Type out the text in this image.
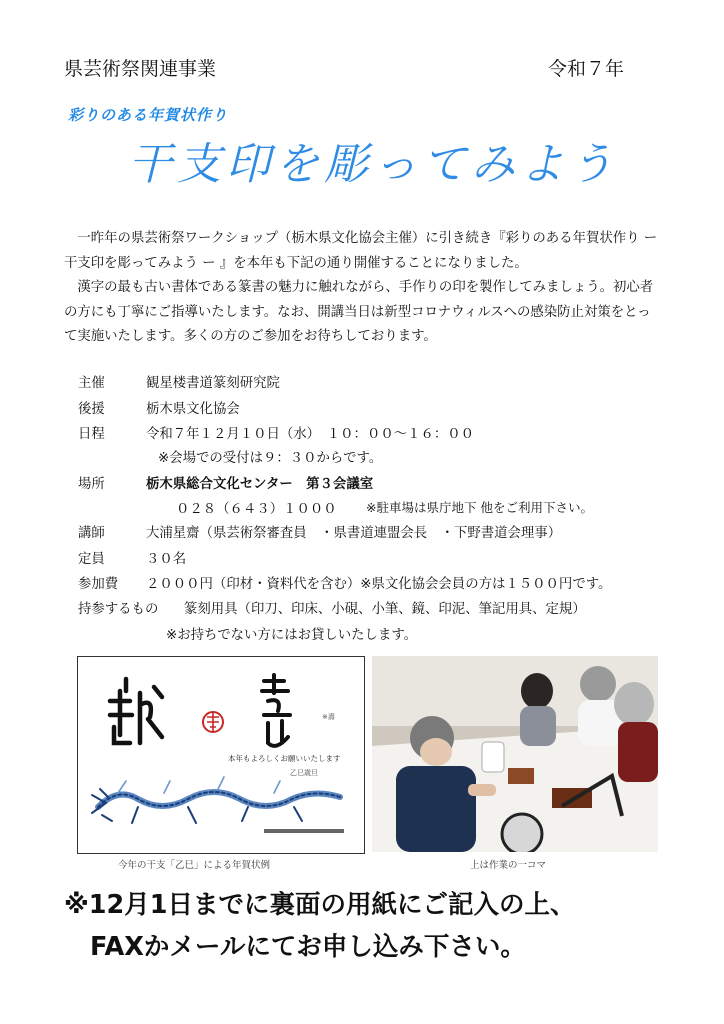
県芸術祭関連事業	令和７年
彩りのある年賀状作り
干支印を彫ってみよう

一昨年の県芸術祭ワークショップ（栃木県文化協会主催）に引き続き『彩りのある年賀状作り ー 干支印を彫ってみよう ー 』を本年も下記の通り開催することになりました。

漢字の最も古い書体である篆書の魅力に触れながら、手作りの印を製作してみましょう。初心者の方にも丁寧にご指導いたします。なお、開講当日は新型コロナウィルスへの感染防止対策をとって実施いたします。多くの方のご参加をお待ちしております。

主催	観星楼書道篆刻研究院
後援	栃木県文化協会
日程	令和７年１２月１０日（水）　１０：００～１６：００
※会場での受付は９：３０からです。
場所	栃木県総合文化センター　第３会議室
０２８（６４３）１０００ ※駐車場は県庁地下 他をご利用下さい。
講師	大浦星齋（県芸術祭審査員　・県書道連盟会長　・下野書道会理事）
定員	３０名
参加費 ２０００円（印材・資料代を含む）※県文化協会会員の方は１５００円です。
持参するもの 篆刻用具（印刀、印床、小硯、小筆、鏡、印泥、筆記用具、定規）
※お持ちでない方にはお貸しいたします。
※壽
本年もよろしくお願いいたします
乙巳歳旦
今年の干支「乙巳」による年賀状例	上は作業の一コマ
※12月1日までに裏面の用紙にご記入の上、
FAXかメールにてお申し込み下さい。
